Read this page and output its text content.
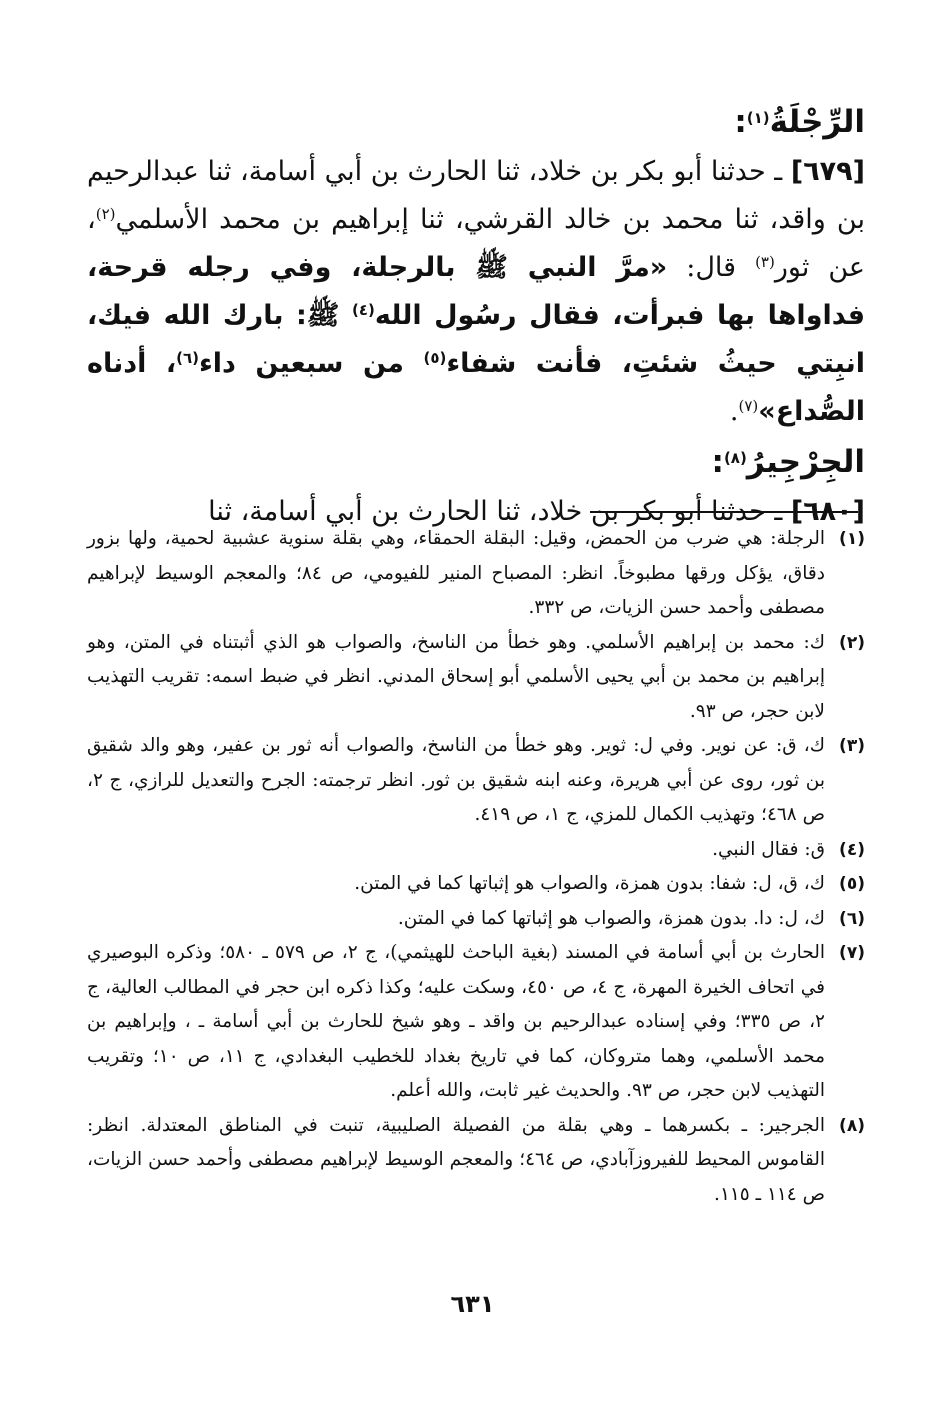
الرِّجْلَةُ$^{(١)}$:

[٦٧٩] ـ حدثنا أبو بكر بن خلاد، ثنا الحارث بن أبي أسامة، ثنا عبدالرحيم بن واقد، ثنا محمد بن خالد القرشي، ثنا إبراهيم بن محمد الأسلمي$^{(٢)}$، عن ثور$^{(٣)}$ قال: «مرَّ النبي ﷺ بالرجلة، وفي رجله قرحة، فداواها بها فبرأت، فقال رسُول الله$^{(٤)}$ ﷺ: بارك الله فيك، انبِتي حيثُ شئتِ، فأنت شفاء$^{(٥)}$ من سبعين داء$^{(٦)}$، أدناه الصُّداع»$^{(٧)}$.

الجِرْجِيرُ$^{(٨)}$:

[٦٨٠] ـ حدثنا أبو بكر بن خلاد، ثنا الحارث بن أبي أسامة، ثنا

(١)
الرجلة: هي ضرب من الحمض، وقيل: البقلة الحمقاء، وهي بقلة سنوية عشبية لحمية، ولها بزور دقاق، يؤكل ورقها مطبوخاً. انظر: المصباح المنير للفيومي، ص ٨٤؛ والمعجم الوسيط لإبراهيم مصطفى وأحمد حسن الزيات، ص ٣٣٢.

(٢)
ك: محمد بن إبراهيم الأسلمي. وهو خطأ من الناسخ، والصواب هو الذي أثبتناه في المتن، وهو إبراهيم بن محمد بن أبي يحيى الأسلمي أبو إسحاق المدني. انظر في ضبط اسمه: تقريب التهذيب لابن حجر، ص ٩٣.

(٣)
ك، ق: عن نوير. وفي ل: ثوير. وهو خطأ من الناسخ، والصواب أنه ثور بن عفير، وهو والد شقيق بن ثور، روى عن أبي هريرة، وعنه ابنه شقيق بن ثور. انظر ترجمته: الجرح والتعديل للرازي، ج ٢، ص ٤٦٨؛ وتهذيب الكمال للمزي، ج ١، ص ٤١٩.

(٤)
ق: فقال النبي.

(٥)
ك، ق، ل: شفا: بدون همزة، والصواب هو إثباتها كما في المتن.

(٦)
ك، ل: دا. بدون همزة، والصواب هو إثباتها كما في المتن.

(٧)
الحارث بن أبي أسامة في المسند (بغية الباحث للهيثمي)، ج ٢، ص ٥٧٩ ـ ٥٨٠؛ وذكره البوصيري في اتحاف الخيرة المهرة، ج ٤، ص ٤٥٠، وسكت عليه؛ وكذا ذكره ابن حجر في المطالب العالية، ج ٢، ص ٣٣٥؛ وفي إسناده عبدالرحيم بن واقد ـ وهو شيخ للحارث بن أبي أسامة ـ ، وإبراهيم بن محمد الأسلمي، وهما متروكان، كما في تاريخ بغداد للخطيب البغدادي، ج ١١، ص ١٠؛ وتقريب التهذيب لابن حجر، ص ٩٣. والحديث غير ثابت، والله أعلم.

(٨)
الجرجير: ـ بكسرهما ـ وهي بقلة من الفصيلة الصليبية، تنبت في المناطق المعتدلة. انظر: القاموس المحيط للفيروزآبادي، ص ٤٦٤؛ والمعجم الوسيط لإبراهيم مصطفى وأحمد حسن الزيات، ص ١١٤ ـ ١١٥.

٦٣١
